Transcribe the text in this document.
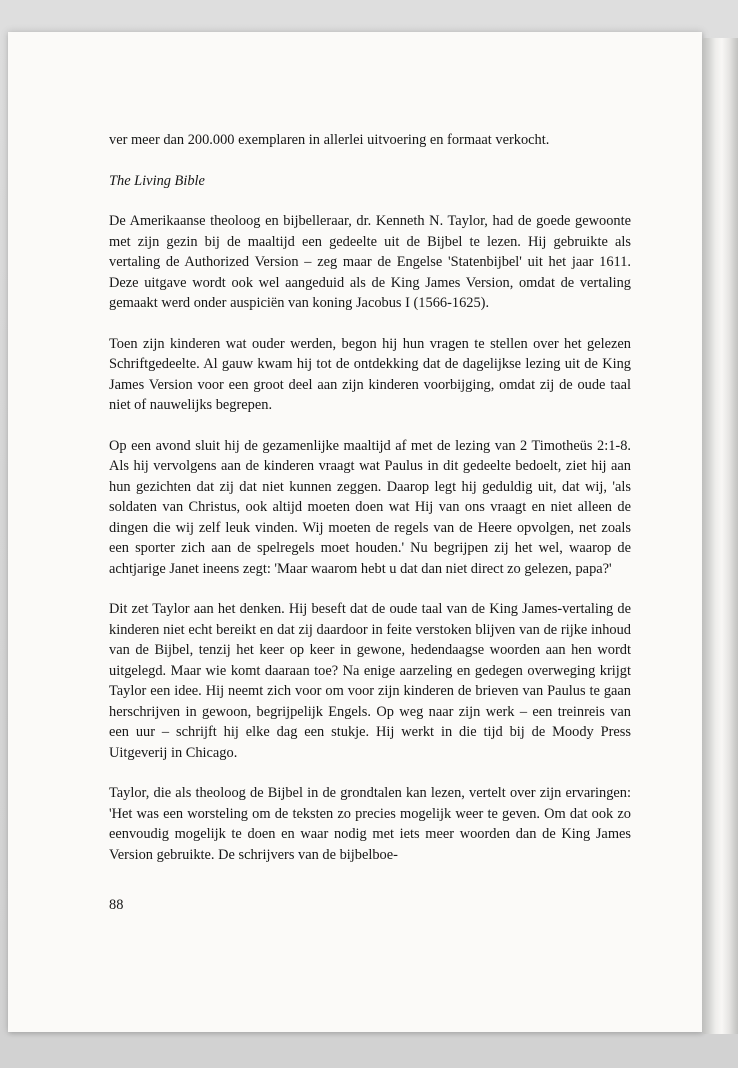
ver meer dan 200.000 exemplaren in allerlei uitvoering en formaat verkocht.

The Living Bible

De Amerikaanse theoloog en bijbelleraar, dr. Kenneth N. Taylor, had de goede gewoonte met zijn gezin bij de maaltijd een gedeelte uit de Bijbel te lezen. Hij gebruikte als vertaling de Authorized Version – zeg maar de Engelse 'Statenbijbel' uit het jaar 1611. Deze uitgave wordt ook wel aangeduid als de King James Version, omdat de vertaling gemaakt werd onder auspiciën van koning Jacobus I (1566-1625).

Toen zijn kinderen wat ouder werden, begon hij hun vragen te stellen over het gelezen Schriftgedeelte. Al gauw kwam hij tot de ontdekking dat de dagelijkse lezing uit de King James Version voor een groot deel aan zijn kinderen voorbijging, omdat zij de oude taal niet of nauwelijks begrepen.

Op een avond sluit hij de gezamenlijke maaltijd af met de lezing van 2 Timotheüs 2:1-8. Als hij vervolgens aan de kinderen vraagt wat Paulus in dit gedeelte bedoelt, ziet hij aan hun gezichten dat zij dat niet kunnen zeggen. Daarop legt hij geduldig uit, dat wij, 'als soldaten van Christus, ook altijd moeten doen wat Hij van ons vraagt en niet alleen de dingen die wij zelf leuk vinden. Wij moeten de regels van de Heere opvolgen, net zoals een sporter zich aan de spelregels moet houden.' Nu begrijpen zij het wel, waarop de achtjarige Janet ineens zegt: 'Maar waarom hebt u dat dan niet direct zo gelezen, papa?'

Dit zet Taylor aan het denken. Hij beseft dat de oude taal van de King James-vertaling de kinderen niet echt bereikt en dat zij daardoor in feite verstoken blijven van de rijke inhoud van de Bijbel, tenzij het keer op keer in gewone, hedendaagse woorden aan hen wordt uitgelegd. Maar wie komt daaraan toe? Na enige aarzeling en gedegen overweging krijgt Taylor een idee. Hij neemt zich voor om voor zijn kinderen de brieven van Paulus te gaan herschrijven in gewoon, begrijpelijk Engels. Op weg naar zijn werk – een treinreis van een uur – schrijft hij elke dag een stukje. Hij werkt in die tijd bij de Moody Press Uitgeverij in Chicago.

Taylor, die als theoloog de Bijbel in de grondtalen kan lezen, vertelt over zijn ervaringen: 'Het was een worsteling om de teksten zo precies mogelijk weer te geven. Om dat ook zo eenvoudig mogelijk te doen en waar nodig met iets meer woorden dan de King James Version gebruikte. De schrijvers van de bijbelboe-

88
